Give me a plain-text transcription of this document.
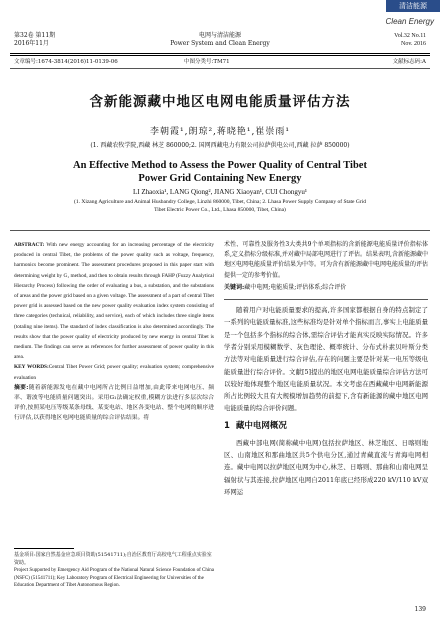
清洁能源
Clean Energy
第32卷 第11期
2016年11月
电网与清洁能源
Power System and Clean Energy
Vol.32 No.11
Nov. 2016
文章编号:1674-3814(2016)11-0139-06	中图分类号:TM71	文献标志码:A
含新能源藏中地区电网电能质量评估方法
李朝霞¹,朗琼²,蒋晓艳¹,崔崇雨¹
(1. 西藏农牧学院,西藏 林芝 860000;2. 国网西藏电力有限公司拉萨供电公司,西藏 拉萨 850000)
An Effective Method to Assess the Power Quality of Central Tibet
Power Grid Containing New Energy
LI Zhaoxia¹, LANG Qiong², JIANG Xiaoyan¹, CUI Chongyu¹
(1. Xizang Agriculture and Animal Husbandry College, Linzhi 860000, Tibet, China; 2. Lhasa Power Supply Company of State Grid
Tibet Electric Power Co., Ltd., Lhasa 850000, Tibet, China)

ABSTRACT: With new energy accounting for an increasing percentage of the electricity produced in central Tibet, the problems of the power quality such as voltage, frequency, harmonics become prominent. The assessment procedures proposed in this paper start with determining weight by G₁ method, and then to obtain results through FAHP (Fuzzy Analytical Hierarchy Process) following the order of evaluating a bus, a substation, and the substations of areas and the power grid based on a given voltage. The assessment of a part of central Tibet power grid is assessed based on the new power quality evaluation index system consisting of three categories (technical, reliability, and service), each of which includes three single items (totaling nine items). The standard of index classification is also determined accordingly. The results show that the power quality of electricity produced by new energy in central Tibet is medium. The findings can serve as references for further assessment of power quality in this area.

KEY WORDS:Central Tibet Power Grid; power quality; evaluation system; comprehensive evaluation

摘要:随着新能源发电在藏中电网所占比例日益增加,由此带来电网电压、频率、谐波等电能质量问题突出。采用G₁法确定权重,模糊方法进行多层次综合评价,按照某电压等级某条母线、某变电站、地区各变电站、整个电网的顺序进行评估,以获得地区电网电能质量的综合评估结果。将

术性、可靠性及服务性3大类共9个单项指标的含新能源电能质量评价指标体系,定义指标分级标准,并对藏中局部电网进行了评估。结果表明,含新能源藏中地区电网电能质量评价结果为中等。可为含有新能源藏中电网电能质量的评估提供一定的参考价值。

关键词:藏中电网;电能质量;评估体系;综合评价

随着用户对电能质量要求的提高,许多国家都根据自身的特点制定了一系列的电能质量标准,这些标准均是针对单个指标而言,事实上电能质量是一个包括多个指标的综合体,需综合评估才能真实反映实际情况。许多学者分别采用模糊数学、灰色理论、概率统计、分布式朴素贝叶斯分类方法等对电能质量进行综合评估,存在的问题主要是针对某一电压等级电能质量进行综合评价。文献[5]提出的地区电网电能质量综合评估方法可以较好地体现整个地区电能质量状况。本文考虑在西藏藏中电网新能源所占比例较大且有大规模增加趋势的前提下,含有新能源的藏中地区电网电能质量的综合评价问题。

1 藏中电网概况

西藏中部电网(简称藏中电网)包括拉萨地区、林芝地区、日喀则地区、山南地区和那曲地区共5个供电分区,通过青藏直流与青海电网相连。藏中电网以拉萨地区电网为中心,林芝、日喀则、那曲和山南电网呈辐射状与其连接,拉萨地区电网自2011年底已经形成220 kV/110 kV双环网运

基金项目:国家自然基金应急项目资助(51541711);自治区教育厅高校电气工程重点实验室资助。

Project Supported by Emergency Aid Program of the National Natural Science Foundation of China (NSFC) (51541711); Key Laboratory Program of Electrical Engineering for Universities of the Education Department of Tibet Autonomous Region.

139
